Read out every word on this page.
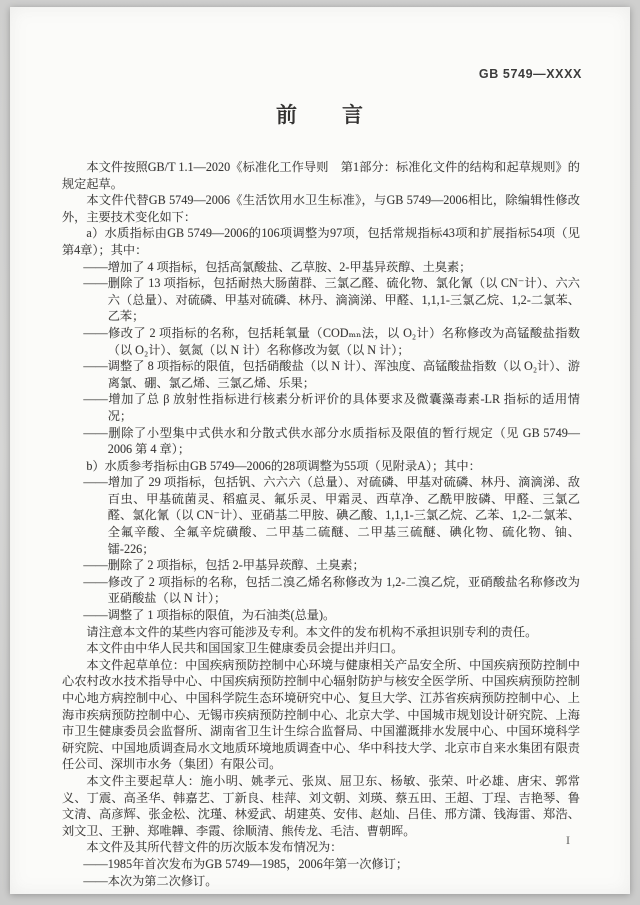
GB 5749—XXXX
前　　言

本文件按照GB/T 1.1—2020《标准化工作导则　第1部分：标准化文件的结构和起草规则》的规定起草。

本文件代替GB 5749—2006《生活饮用水卫生标准》，与GB 5749—2006相比，除编辑性修改外，主要技术变化如下：

a）水质指标由GB 5749—2006的106项调整为97项，包括常规指标43项和扩展指标54项（见第4章）；其中：

——增加了 4 项指标，包括高氯酸盐、乙草胺、2-甲基异莰醇、土臭素；

——删除了 13 项指标，包括耐热大肠菌群、三氯乙醛、硫化物、氯化氰（以 CN⁻计）、六六六（总量）、对硫磷、甲基对硫磷、林丹、滴滴涕、甲醛、1,1,1-三氯乙烷、1,2-二氯苯、乙苯；

——修改了 2 项指标的名称，包括耗氧量（CODₘₙ法，以 O₂计）名称修改为高锰酸盐指数（以 O₂计）、氨氮（以 N 计）名称修改为氨（以 N 计）；

——调整了 8 项指标的限值，包括硝酸盐（以 N 计）、浑浊度、高锰酸盐指数（以 O₂计）、游离氯、硼、氯乙烯、三氯乙烯、乐果；

——增加了总 β 放射性指标进行核素分析评价的具体要求及微囊藻毒素-LR 指标的适用情况；

——删除了小型集中式供水和分散式供水部分水质指标及限值的暂行规定（见 GB 5749—2006 第 4 章）；

b）水质参考指标由GB 5749—2006的28项调整为55项（见附录A）；其中：

——增加了 29 项指标，包括钒、六六六（总量）、对硫磷、甲基对硫磷、林丹、滴滴涕、敌百虫、甲基硫菌灵、稻瘟灵、氟乐灵、甲霜灵、西草净、乙酰甲胺磷、甲醛、三氯乙醛、氯化氰（以 CN⁻计）、亚硝基二甲胺、碘乙酸、1,1,1-三氯乙烷、乙苯、1,2-二氯苯、全氟辛酸、全氟辛烷磺酸、二甲基二硫醚、二甲基三硫醚、碘化物、硫化物、铀、镭-226；

——删除了 2 项指标，包括 2-甲基异莰醇、土臭素；

——修改了 2 项指标的名称，包括二溴乙烯名称修改为 1,2-二溴乙烷，亚硝酸盐名称修改为亚硝酸盐（以 N 计）；

——调整了 1 项指标的限值，为石油类(总量)。

请注意本文件的某些内容可能涉及专利。本文件的发布机构不承担识别专利的责任。

本文件由中华人民共和国国家卫生健康委员会提出并归口。

本文件起草单位：中国疾病预防控制中心环境与健康相关产品安全所、中国疾病预防控制中心农村改水技术指导中心、中国疾病预防控制中心辐射防护与核安全医学所、中国疾病预防控制中心地方病控制中心、中国科学院生态环境研究中心、复旦大学、江苏省疾病预防控制中心、上海市疾病预防控制中心、无锡市疾病预防控制中心、北京大学、中国城市规划设计研究院、上海市卫生健康委员会监督所、湖南省卫生计生综合监督局、中国灌溉排水发展中心、中国环境科学研究院、中国地质调查局水文地质环境地质调查中心、华中科技大学、北京市自来水集团有限责任公司、深圳市水务（集团）有限公司。

本文件主要起草人：施小明、姚孝元、张岚、屈卫东、杨敏、张荣、叶必雄、唐宋、郭常义、丁震、高圣华、韩嘉艺、丁新良、桂萍、刘文朝、刘瑛、蔡五田、王超、丁珵、吉艳琴、鲁文清、高彦辉、张金松、沈瑾、林爱武、胡建英、安伟、赵灿、吕佳、邢方潇、钱海雷、郑浩、刘文卫、王翀、郑唯韡、李霞、徐顺清、熊传龙、毛洁、曹朝晖。

本文件及其所代替文件的历次版本发布情况为：

——1985年首次发布为GB 5749—1985，2006年第一次修订；

——本次为第二次修订。

I
